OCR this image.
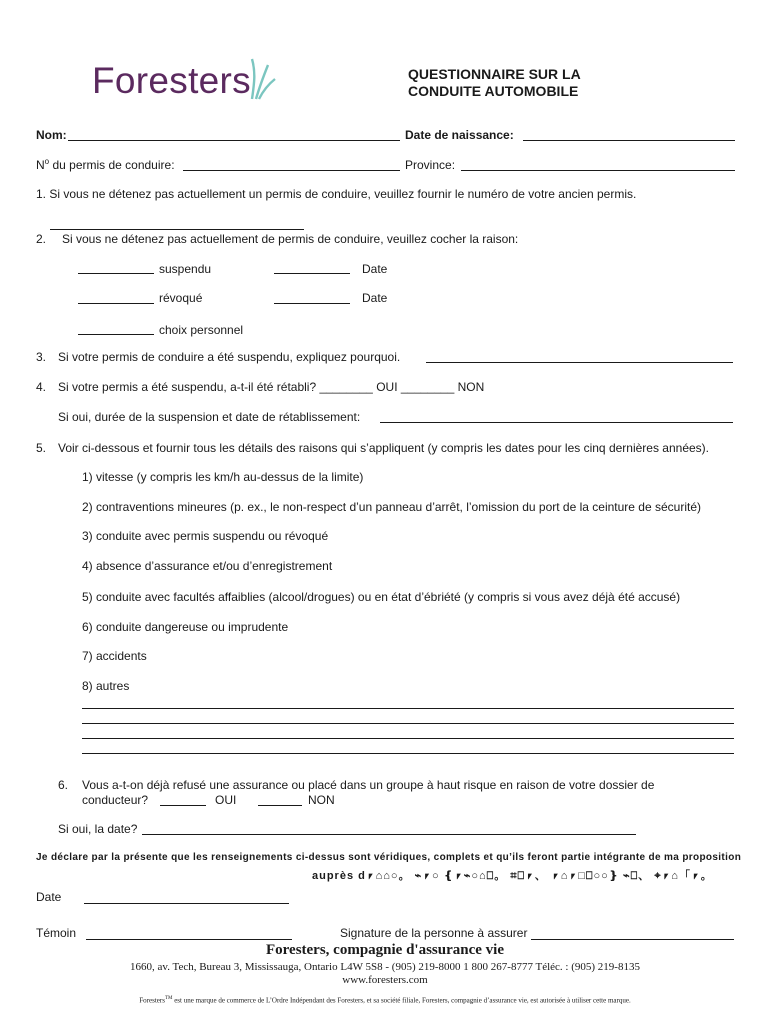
Foresters	QUESTIONNAIRE SUR LA
CONDUITE AUTOMOBILE
Nom:	Date de naissance:
$N^o$ du permis de conduire:	Province:
1. Si vous ne détenez pas actuellement un permis de conduire, veuillez fournir le numéro de votre ancien permis.
2. Si vous ne détenez pas actuellement de permis de conduire, veuillez cocher la raison:
suspendu	Date
révoqué	Date
choix personnel
3. Si votre permis de conduire a été suspendu, expliquez pourquoi.
4. Si votre permis a été suspendu, a-t-il été rétabli? ________ OUI ________ NON
Si oui, durée de la suspension et date de rétablissement:
5. Voir ci-dessous et fournir tous les détails des raisons qui s’appliquent (y compris les dates pour les cinq dernières années).
1) vitesse (y compris les km/h au-dessus de la limite)
2) contraventions mineures (p. ex., le non-respect d’un panneau d’arrêt, l’omission du port de la ceinture de sécurité)
3) conduite avec permis suspendu ou révoqué
4) absence d’assurance et/ou d’enregistrement
5) conduite avec facultés affaiblies (alcool/drogues) ou en état d’ébriété (y compris si vous avez déjà été accusé)
6) conduite dangereuse ou imprudente
7) accidents
8) autres
6. Vous a-t-on déjà refusé une assurance ou placé dans un groupe à haut risque en raison de votre dossier de
conducteur?	OUI	NON
Si oui, la date?
Je déclare par la présente que les renseignements ci-dessus sont véridiques, complets et qu’ils feront partie intégrante de ma proposition
auprès d⎖⌂⌂○。 ⌁⎖○ ❴⎖⌁○⌂⎕。 ⌗⎕⎖、 ⎖⌂⎖□⎕○○❵ ⌁⎕、 ⌖⎖⌂「⎖。
Date
Témoin	Signature de la personne à assurer
Foresters, compagnie d'assurance vie
1660, av. Tech, Bureau 3, Mississauga, Ontario L4W 5S8 - (905) 219-8000 1 800 267-8777 Téléc. : (905) 219-8135
www.foresters.com
Foresters™ est une marque de commerce de L’Ordre Indépendant des Foresters, et sa société filiale, Foresters, compagnie d’assurance vie, est autorisée à utiliser cette marque.
